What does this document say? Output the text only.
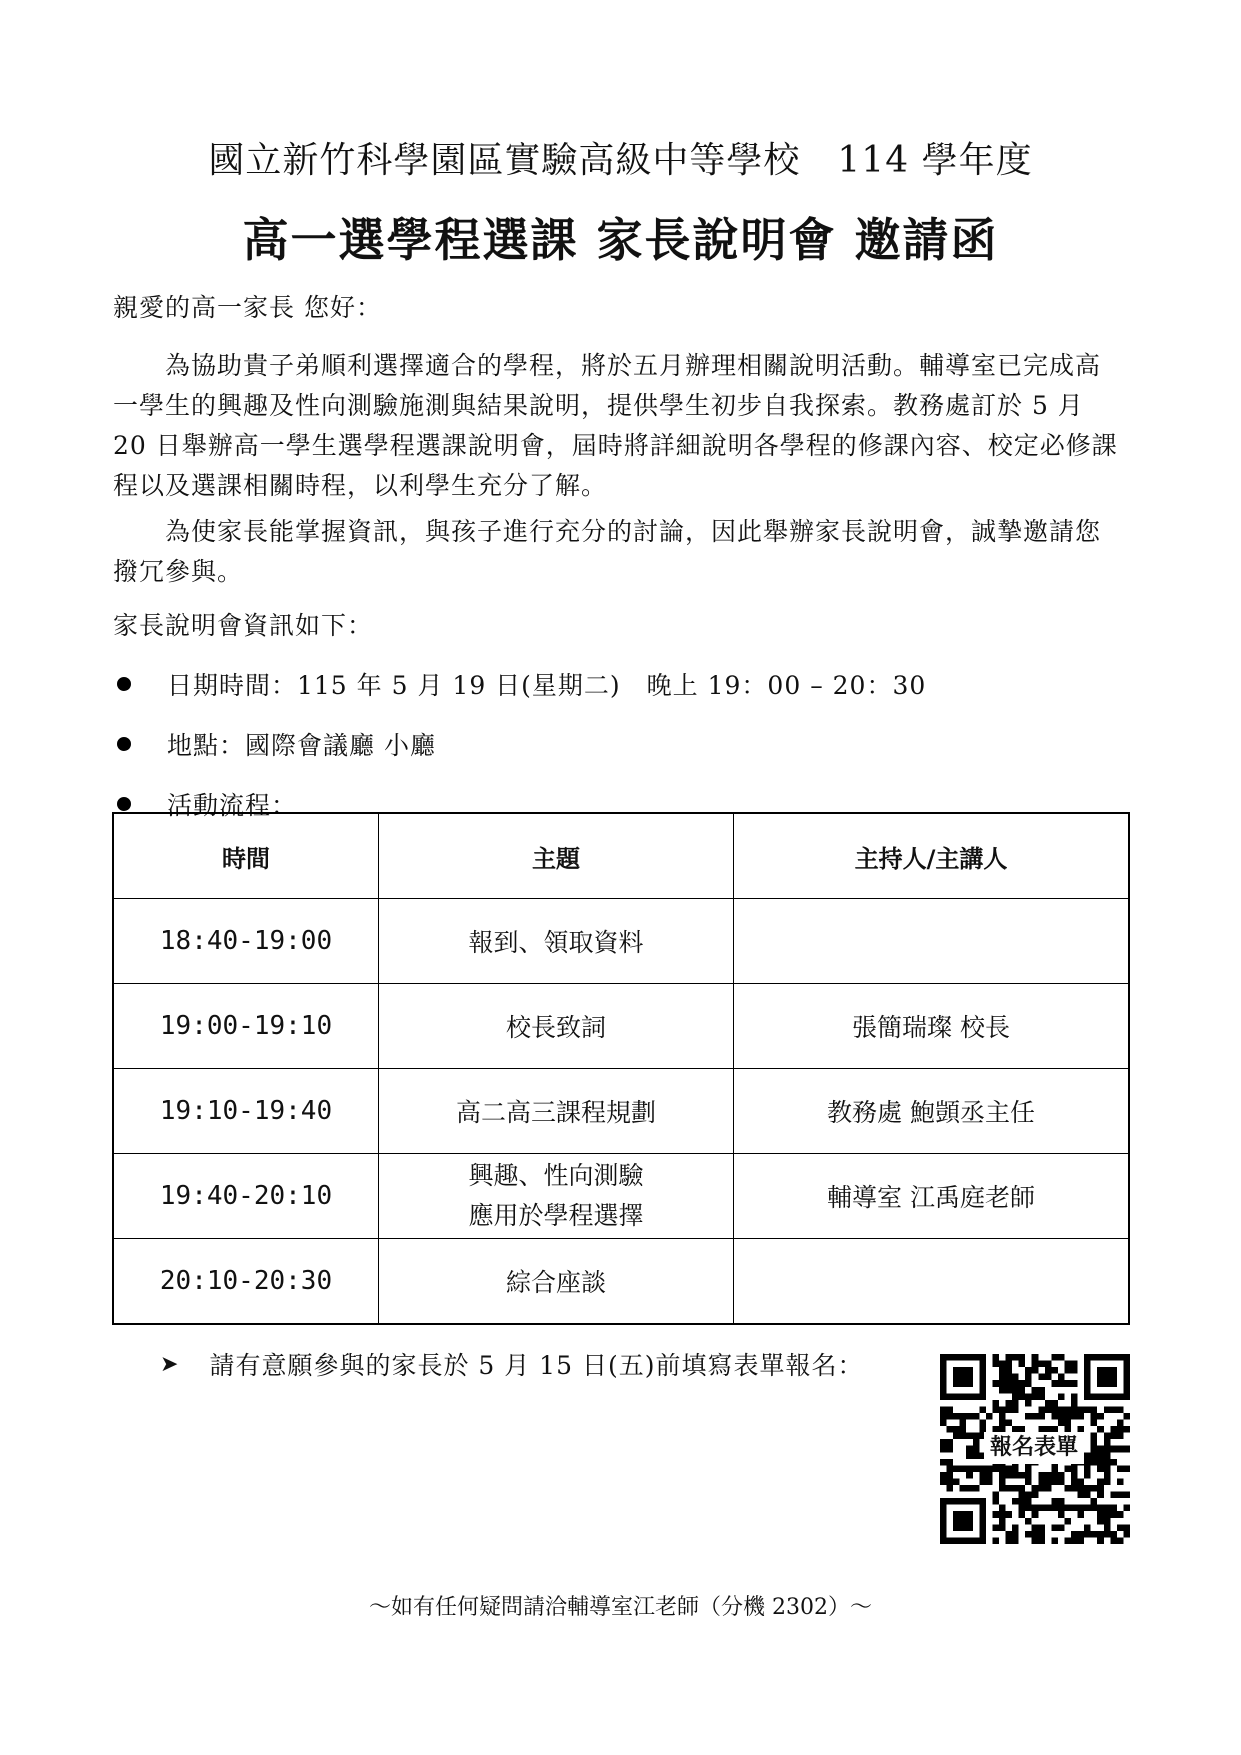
國立新竹科學園區實驗高級中等學校　114 學年度
高一選學程選課 家長說明會 邀請函
親愛的高一家長 您好：
為協助貴子弟順利選擇適合的學程，將於五月辦理相關說明活動。輔導室已完成高一學生的興趣及性向測驗施測與結果說明，提供學生初步自我探索。教務處訂於 5 月 20 日舉辦高一學生選學程選課說明會，屆時將詳細說明各學程的修課內容、校定必修課程以及選課相關時程，以利學生充分了解。
為使家長能掌握資訊，與孩子進行充分的討論，因此舉辦家長說明會，誠摯邀請您撥冗參與。
家長說明會資訊如下：
日期時間：115 年 5 月 19 日(星期二)　晚上 19：00 – 20：30
地點：國際會議廳 小廳
活動流程：
時間	主題	主持人/主講人
18:40-19:00	報到、領取資料	
19:00-19:10	校長致詞	張簡瑞璨 校長
19:10-19:40	高二高三課程規劃	教務處 鮑顗丞主任
19:40-20:10	興趣、性向測驗
應用於學程選擇	輔導室 江禹庭老師
20:10-20:30	綜合座談	
➤ 請有意願參與的家長於 5 月 15 日(五)前填寫表單報名：
報名表單
～如有任何疑問請洽輔導室江老師（分機 2302）～
